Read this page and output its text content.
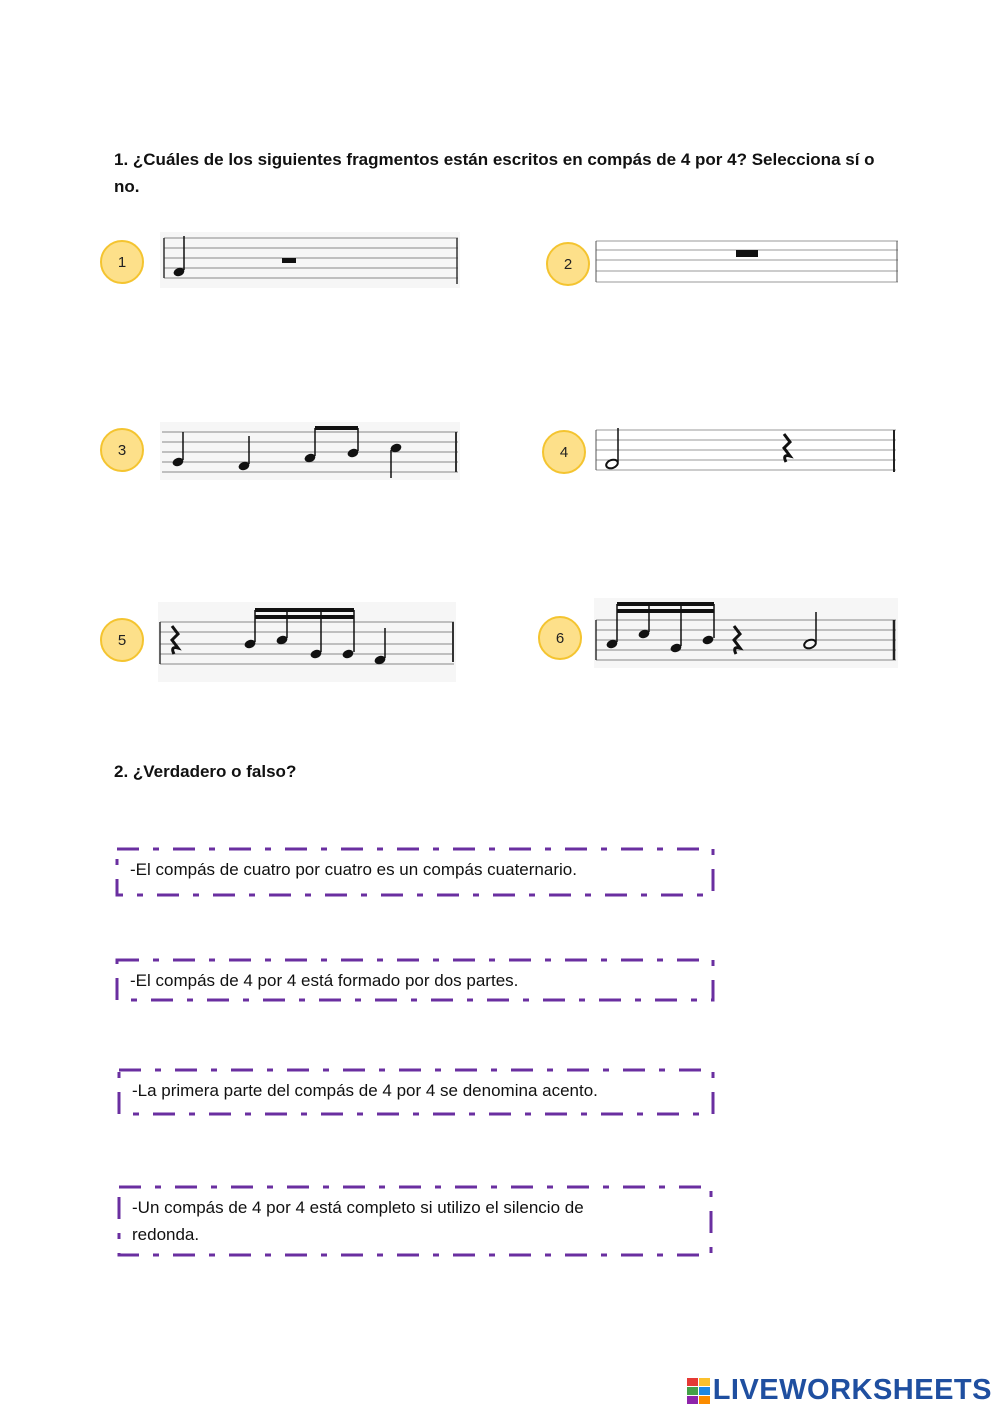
1. ¿Cuáles de los siguientes fragmentos están escritos en compás de 4 por 4? Selecciona sí o no.
1	2
3	4
5	6
2. ¿Verdadero o falso?
-El compás de cuatro por cuatro es un compás cuaternario.
-El compás de 4 por 4 está formado por dos partes.
-La primera parte del compás de 4 por 4 se denomina acento.
-Un compás de 4 por 4 está completo si utilizo el silencio de redonda.
LIVEWORKSHEETS
